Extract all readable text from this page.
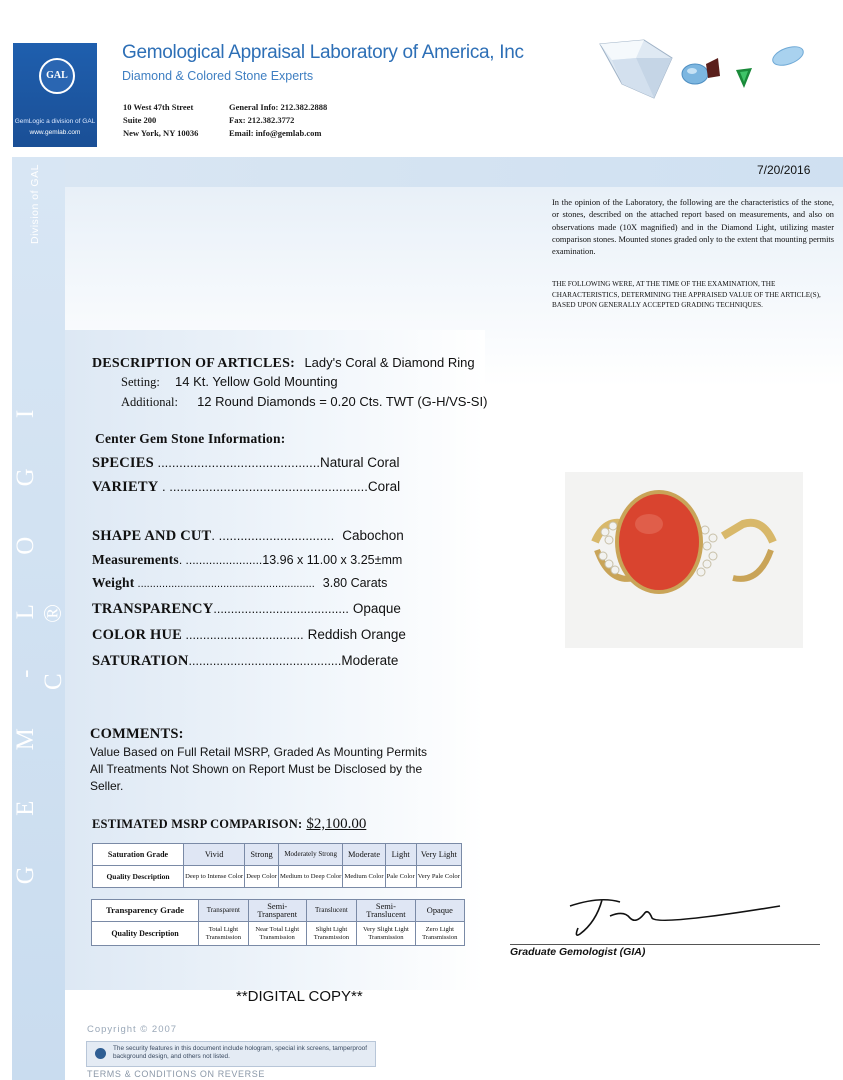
G E M - L O G I C ®
Division of GAL
GAL
GemLogic a division of GAL
www.gemlab.com
Gemological Appraisal Laboratory of America, Inc
Diamond & Colored Stone Experts
10 West 47th Street
Suite 200
New York, NY 10036
General Info: 212.382.2888
Fax: 212.382.3772
Email: info@gemlab.com
7/20/2016
In the opinion of the Laboratory, the following are the characteristics of the stone, or stones, described on the attached report based on measurements, and also on observations made (10X magnified) and in the Diamond Light, utilizing master comparison stones. Mounted stones graded only to the extent that mounting permits examination.
THE FOLLOWING WERE, AT THE TIME OF THE EXAMINATION, THE CHARACTERISTICS, DETERMINING THE APPRAISED VALUE OF THE ARTICLE(S), BASED UPON GENERALLY ACCEPTED GRADING TECHNIQUES.
DESCRIPTION OF ARTICLES: Lady's Coral & Diamond Ring
Setting: 14 Kt. Yellow Gold Mounting
Additional: 12 Round Diamonds = 0.20 Cts. TWT (G-H/VS-SI)
Center Gem Stone Information:
SPECIES .............................................Natural Coral
VARIETY . .......................................................Coral
SHAPE AND CUT. ................................ Cabochon
Measurements. .......................13.96 x 11.00 x 3.25±mm
Weight .......................................................... 3.80 Carats
TRANSPARENCY....................................... Opaque
COLOR HUE .................................. Reddish Orange
SATURATION............................................Moderate
COMMENTS:
Value Based on Full Retail MSRP, Graded As Mounting Permits
All Treatments Not Shown on Report Must be Disclosed by the
Seller.
ESTIMATED MSRP COMPARISON: $2,100.00
Saturation Grade	Vivid	Strong	Moderately Strong	Moderate	Light	Very Light
Quality Description	Deep to Intense Color	Deep Color	Medium to Deep Color	Medium Color	Pale Color	Very Pale Color
Transparency Grade	Transparent	Semi-Transparent	Translucent	Semi-Translucent	Opaque
Quality Description	Total Light Transmission	Near Total Light Transmission	Slight Light Transmission	Very Slight Light Transmission	Zero Light Transmission
Graduate Gemologist (GIA)
**DIGITAL COPY**
Copyright © 2007
The security features in this document include hologram, special ink screens, tamperproof background design, and others not listed.
TERMS & CONDITIONS ON REVERSE
